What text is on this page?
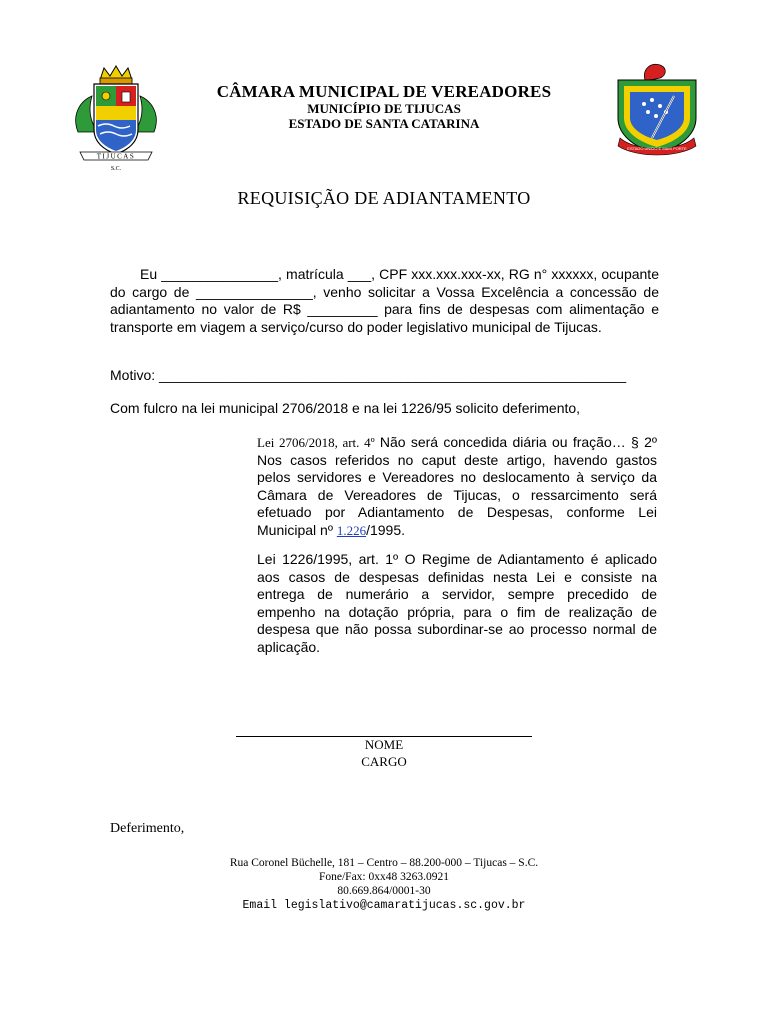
TIJUCAS
S.C.
ESTADO UNIDO E MAIS FORTE
CÂMARA MUNICIPAL DE VEREADORES
MUNICÍPIO DE TIJUCAS
ESTADO DE SANTA CATARINA
REQUISIÇÃO DE ADIANTAMENTO
Eu _______________, matrícula ___, CPF xxx.xxx.xxx-xx, RG n° xxxxxx, ocupante do cargo de _______________, venho solicitar a Vossa Excelência a concessão de adiantamento no valor de R$ _________ para fins de despesas com alimentação e transporte em viagem a serviço/curso do poder legislativo municipal de Tijucas.
Motivo: ____________________________________________________________
Com fulcro na lei municipal 2706/2018 e na lei 1226/95 solicito deferimento,
Lei 2706/2018, art. 4º Não será concedida diária ou fração… § 2º Nos casos referidos no caput deste artigo, havendo gastos pelos servidores e Vereadores no deslocamento à serviço da Câmara de Vereadores de Tijucas, o ressarcimento será efetuado por Adiantamento de Despesas, conforme Lei Municipal nº 1.226/1995.
Lei 1226/1995, art. 1º O Regime de Adiantamento é aplicado aos casos de despesas definidas nesta Lei e consiste na entrega de numerário a servidor, sempre precedido de empenho na dotação própria, para o fim de realização de despesa que não possa subordinar-se ao processo normal de aplicação.
NOME
CARGO
Deferimento,
Rua Coronel Büchelle, 181 – Centro – 88.200-000 – Tijucas – S.C.
Fone/Fax: 0xx48 3263.0921
80.669.864/0001-30
Email legislativo@camaratijucas.sc.gov.br
